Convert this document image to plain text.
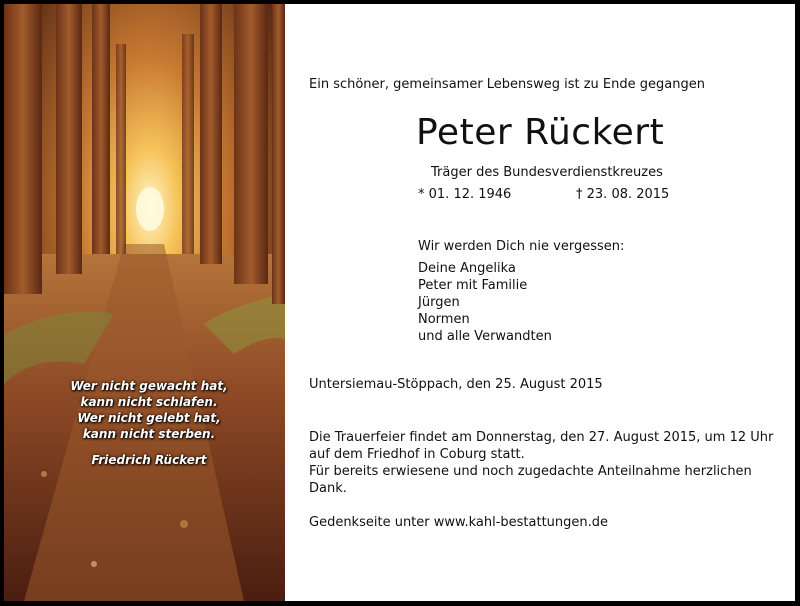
Wer nicht gewacht hat,
kann nicht schlafen.
Wer nicht gelebt hat,
kann nicht sterben.
Friedrich Rückert
Ein schöner, gemeinsamer Lebensweg ist zu Ende gegangen
Peter Rückert
Träger des Bundesverdienstkreuzes
* 01. 12. 1946	† 23. 08. 2015
Wir werden Dich nie vergessen:
Deine Angelika
Peter mit Familie
Jürgen
Normen
und alle Verwandten
Untersiemau-Stöppach, den 25. August 2015
Die Trauerfeier findet am Donnerstag, den 27. August 2015, um 12 Uhr
auf dem Friedhof in Coburg statt.
Für bereits erwiesene und noch zugedachte Anteilnahme herzlichen Dank.
Gedenkseite unter www.kahl-bestattungen.de
